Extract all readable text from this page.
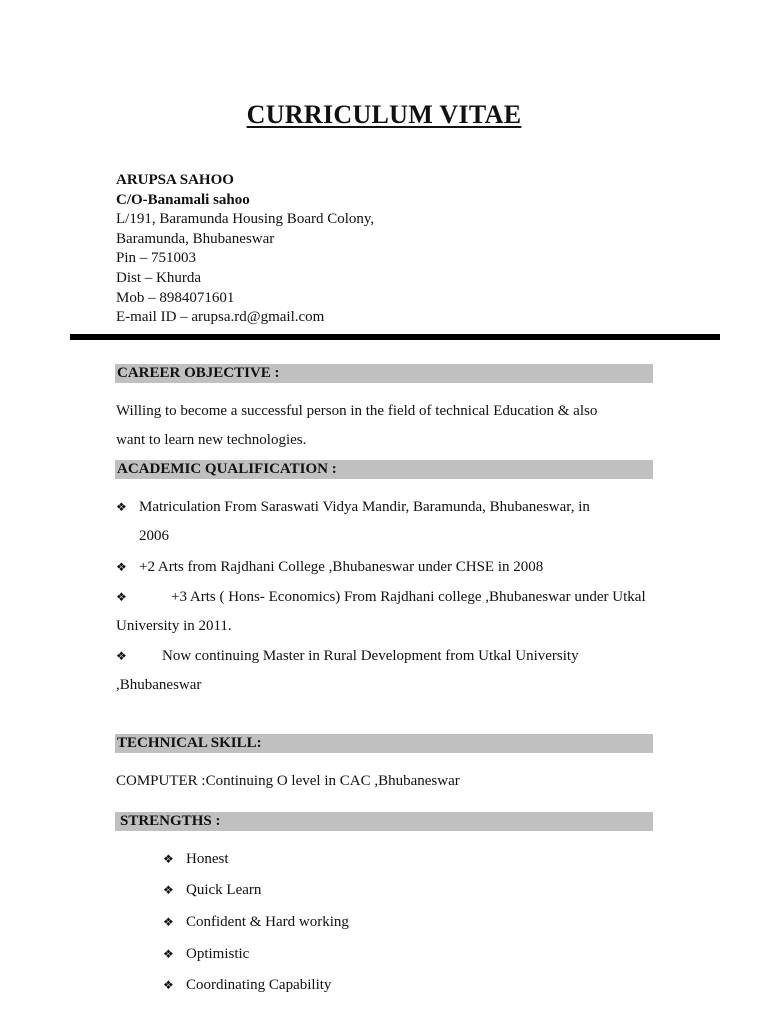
CURRICULUM VITAE
ARUPSA SAHOO
C/O-Banamali sahoo
L/191, Baramunda Housing Board Colony,
Baramunda, Bhubaneswar
Pin – 751003
Dist – Khurda
Mob – 8984071601
E-mail ID – arupsa.rd@gmail.com
CAREER OBJECTIVE :
Willing to become a successful person in the field of technical Education & also
want to learn new technologies.
ACADEMIC QUALIFICATION :
❖ Matriculation From Saraswati Vidya Mandir, Baramunda, Bhubaneswar, in
2006
❖ +2 Arts from Rajdhani College ,Bhubaneswar under CHSE in 2008
❖	+3 Arts ( Hons- Economics) From Rajdhani college ,Bhubaneswar under Utkal
University in 2011.
❖ Now continuing Master in Rural Development from Utkal University
,Bhubaneswar
TECHNICAL SKILL:
COMPUTER :Continuing O level in CAC ,Bhubaneswar
STRENGTHS :
❖ Honest
❖ Quick Learn
❖ Confident & Hard working
❖ Optimistic
❖ Coordinating Capability
